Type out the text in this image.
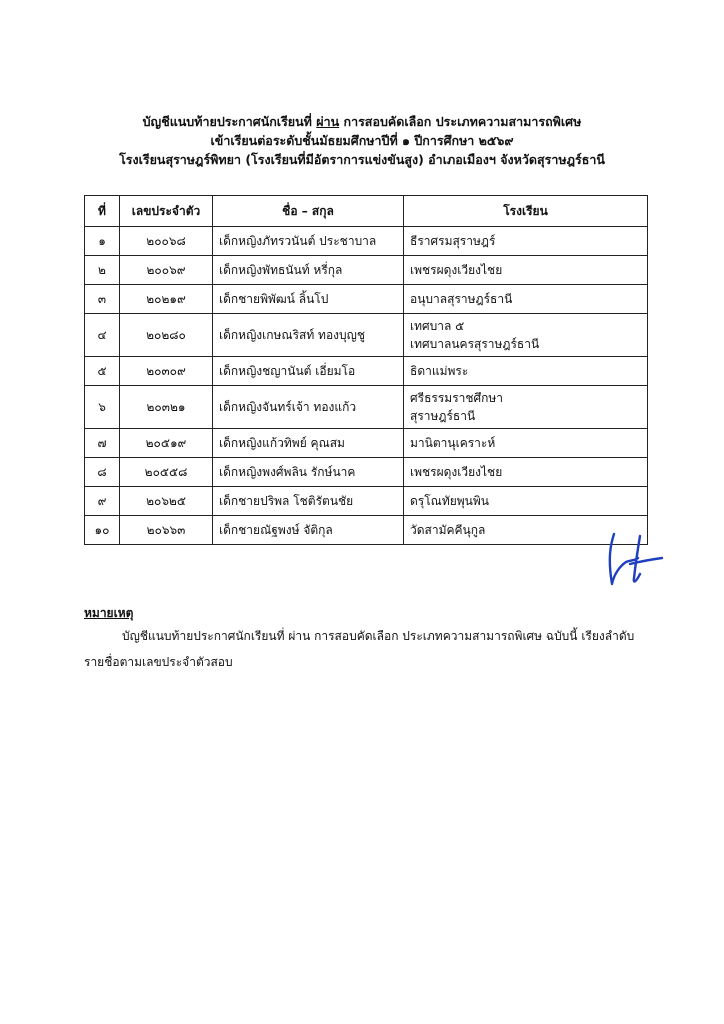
บัญชีแนบท้ายประกาศนักเรียนที่ ผ่าน การสอบคัดเลือก ประเภทความสามารถพิเศษ
เข้าเรียนต่อระดับชั้นมัธยมศึกษาปีที่ ๑ ปีการศึกษา ๒๕๖๙
โรงเรียนสุราษฎร์พิทยา (โรงเรียนที่มีอัตราการแข่งขันสูง) อำเภอเมืองฯ จังหวัดสุราษฎร์ธานี
ที่	เลขประจำตัว	ชื่อ – สกุล	โรงเรียน
๑	๒๐๐๖๘	เด็กหญิงภัทรวนันต์ ประชาบาล	ธีราศรมสุราษฎร์

๒	๒๐๐๖๙	เด็กหญิงพัทธนันท์ หรี่กุล	เพชรผดุงเวียงไชย

๓	๒๐๒๑๙	เด็กชายพิพัฒน์ ลิ้นโป	อนุบาลสุราษฎร์ธานี

๔	๒๐๒๘๐	เด็กหญิงเกษณริสท์ ทองบุญชู	เทศบาล ๕
เทศบาลนครสุราษฎร์ธานี

๕	๒๐๓๐๙	เด็กหญิงชญานันต์ เอี่ยมโอ	ธิดาแม่พระ

๖	๒๐๓๒๑	เด็กหญิงจันทร์เจ้า ทองแก้ว	ศรีธรรมราชศึกษา
สุราษฎร์ธานี

๗	๒๐๕๑๙	เด็กหญิงแก้วทิพย์ คุณสม	มานิตานุเคราะห์

๘	๒๐๕๕๘	เด็กหญิงพงศ์พลิน รักษ์นาค	เพชรผดุงเวียงไชย

๙	๒๐๖๒๕	เด็กชายปริพล โชติรัตนชัย	ดรุโณทัยพุนพิน

๑๐	๒๐๖๖๓	เด็กชายณัฐพงษ์ จัติกุล	วัดสามัคคีนุกูล
หมายเหตุ
บัญชีแนบท้ายประกาศนักเรียนที่ ผ่าน การสอบคัดเลือก ประเภทความสามารถพิเศษ ฉบับนี้ เรียงลำดับรายชื่อตามเลขประจำตัวสอบ
